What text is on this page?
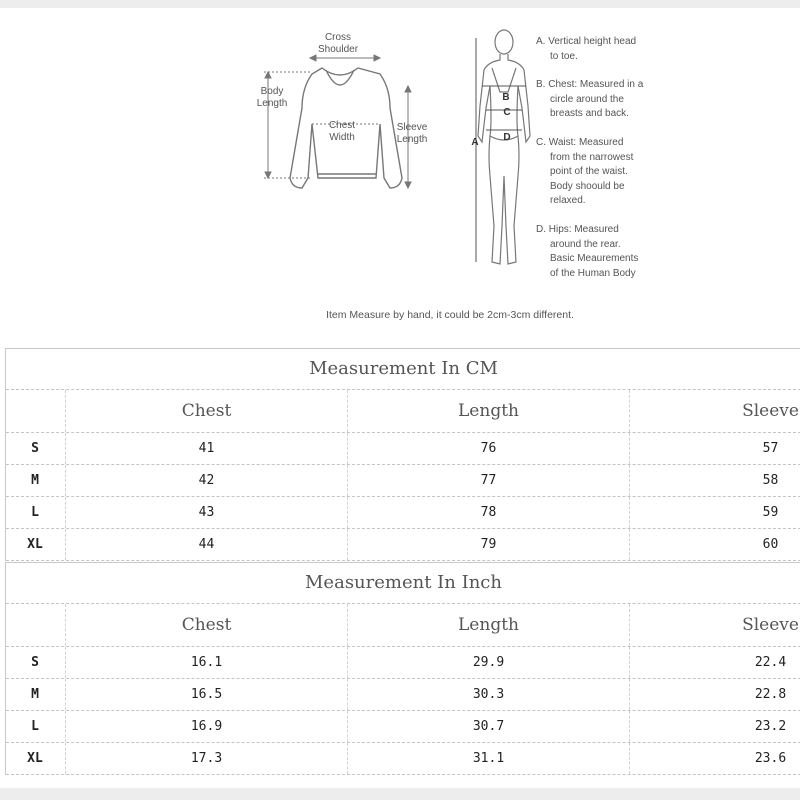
Cross
Shoulder
Body
Length
Chest
Width
Sleeve
Length
B
C
D
A
A. Vertical height head
to toe.
B. Chest: Measured in a
circle around the
breasts and back.
C. Waist: Measured
from the narrowest
point of the waist.
Body shoould be
relaxed.
D. Hips: Measured
around the rear.
Basic Meaurements
of the Human Body
Item Measure by hand, it could be 2cm-3cm different.
Measurement In CM
Chest	Length	Sleeve
S	41	76	57
M	42	77	58
L	43	78	59
XL	44	79	60
Measurement In Inch
Chest	Length	Sleeve
S	16.1	29.9	22.4
M	16.5	30.3	22.8
L	16.9	30.7	23.2
XL	17.3	31.1	23.6
